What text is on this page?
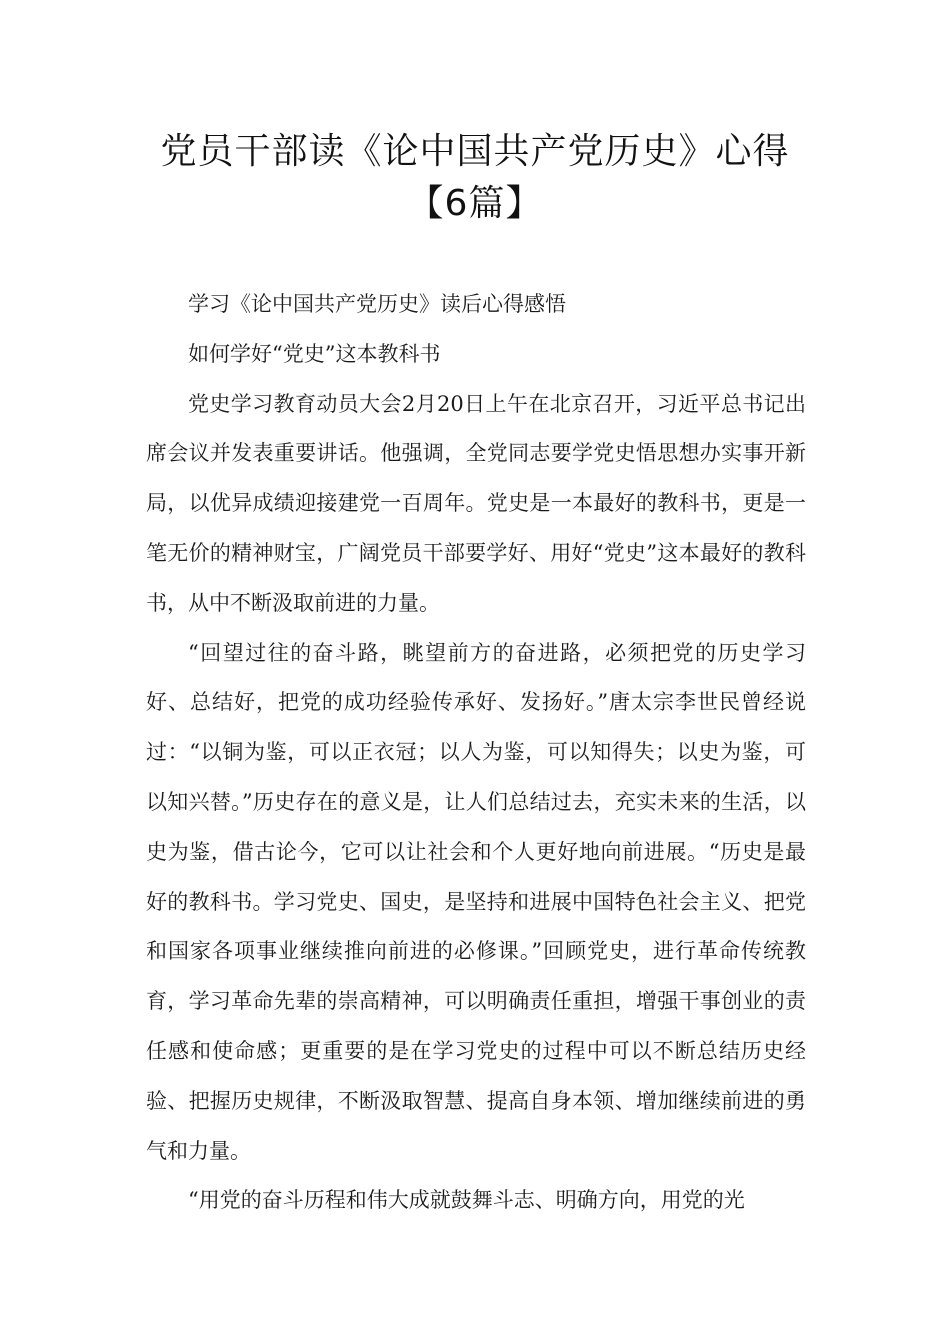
党员干部读《论中国共产党历史》心得
【6篇】

学习《论中国共产党历史》读后心得感悟

如何学好“党史”这本教科书

党史学习教育动员大会2月20日上午在北京召开，习近平总书记出席会议并发表重要讲话。他强调，全党同志要学党史悟思想办实事开新局，以优异成绩迎接建党一百周年。党史是一本最好的教科书，更是一笔无价的精神财宝，广阔党员干部要学好、用好“党史”这本最好的教科书，从中不断汲取前进的力量。

“回望过往的奋斗路，眺望前方的奋进路，必须把党的历史学习好、总结好，把党的成功经验传承好、发扬好。”唐太宗李世民曾经说过：“以铜为鉴，可以正衣冠；以人为鉴，可以知得失；以史为鉴，可以知兴替。”历史存在的意义是，让人们总结过去，充实未来的生活，以史为鉴，借古论今，它可以让社会和个人更好地向前进展。“历史是最好的教科书。学习党史、国史，是坚持和进展中国特色社会主义、把党和国家各项事业继续推向前进的必修课。”回顾党史，进行革命传统教育，学习革命先辈的崇高精神，可以明确责任重担，增强干事创业的责任感和使命感；更重要的是在学习党史的过程中可以不断总结历史经验、把握历史规律，不断汲取智慧、提高自身本领、增加继续前进的勇气和力量。

“用党的奋斗历程和伟大成就鼓舞斗志、明确方向，用党的光
